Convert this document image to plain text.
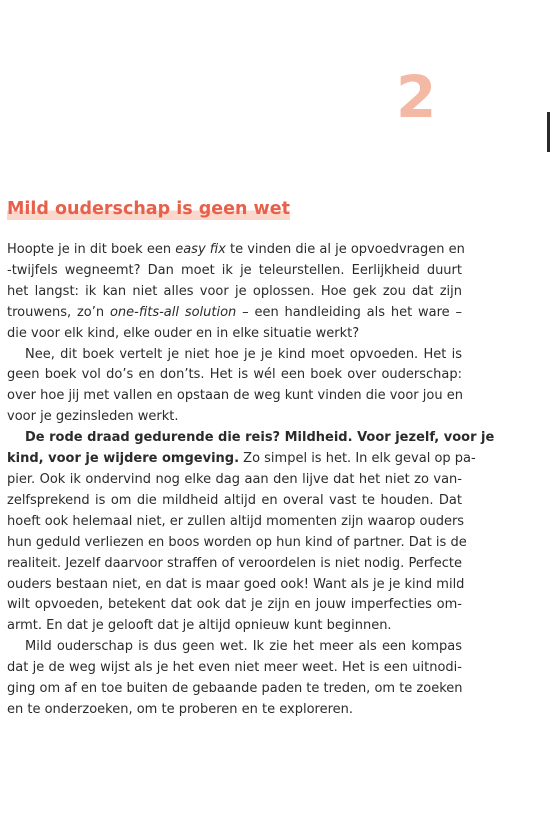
2
Mild ouderschap is geen wet
Hoopte je in dit boek een easy fix te vinden die al je opvoedvragen en
-twijfels wegneemt? Dan moet ik je teleurstellen. Eerlijkheid duurt
het langst: ik kan niet alles voor je oplossen. Hoe gek zou dat zijn
trouwens, zo’n one-fits-all solution – een handleiding als het ware –
die voor elk kind, elke ouder en in elke situatie werkt?
Nee, dit boek vertelt je niet hoe je je kind moet opvoeden. Het is
geen boek vol do’s en don’ts. Het is wél een boek over ouderschap:
over hoe jij met vallen en opstaan de weg kunt vinden die voor jou en
voor je gezinsleden werkt.
De rode draad gedurende die reis? Mildheid. Voor jezelf, voor je
kind, voor je wijdere omgeving. Zo simpel is het. In elk geval op pa-
pier. Ook ik ondervind nog elke dag aan den lijve dat het niet zo van-
zelfsprekend is om die mildheid altijd en overal vast te houden. Dat
hoeft ook helemaal niet, er zullen altijd momenten zijn waarop ouders
hun geduld verliezen en boos worden op hun kind of partner. Dat is de
realiteit. Jezelf daarvoor straffen of veroordelen is niet nodig. Perfecte
ouders bestaan niet, en dat is maar goed ook! Want als je je kind mild
wilt opvoeden, betekent dat ook dat je zijn en jouw imperfecties om-
armt. En dat je gelooft dat je altijd opnieuw kunt beginnen.
Mild ouderschap is dus geen wet. Ik zie het meer als een kompas
dat je de weg wijst als je het even niet meer weet. Het is een uitnodi-
ging om af en toe buiten de gebaande paden te treden, om te zoeken
en te onderzoeken, om te proberen en te exploreren.
